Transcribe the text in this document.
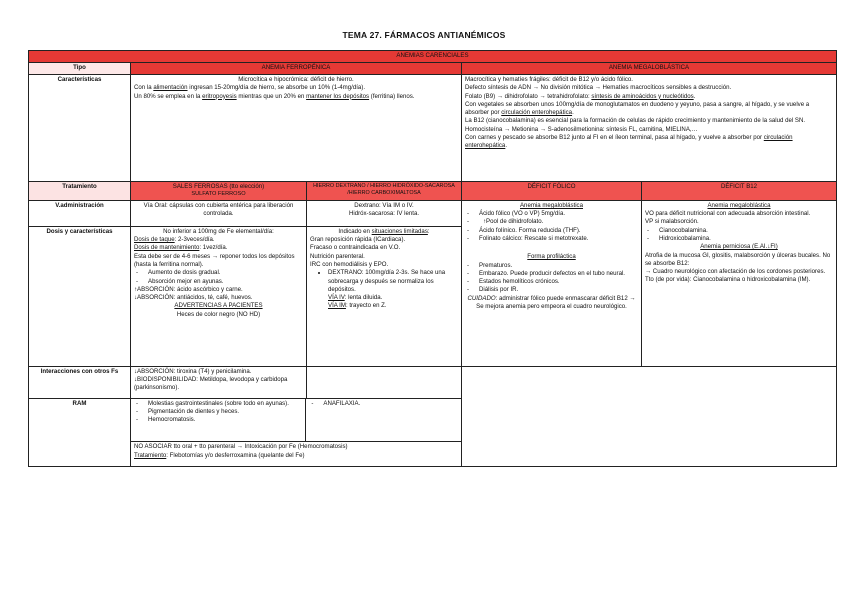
TEMA 27. FÁRMACOS ANTIANÉMICOS
ANEMIAS CARENCIALES
Tipo	ANEMIA FERROPÉNICA	ANEMIA MEGALOBLÁSTICA
Características	Microcítica e hipocrómica: déficit de hierro.

Con la alimentación ingresan 15-20mg/día de hierro, se absorbe un 10% (1-4mg/día).

Un 80% se emplea en la eritropoyesis mientras que un 20% en mantener los depósitos (ferritina) llenos.

Macrocítica y hematíes frágiles: déficit de B12 y/o ácido fólico.

Defecto síntesis de ADN → No división mitótica → Hematíes macrocíticos sensibles a destrucción.

Folato (B9) → dihidrofolato → tetrahidrofolato: síntesis de aminoácidos y nucleótidos.

Con vegetales se absorben unos 100mg/día de monoglutamatos en duodeno y yeyuno, pasa a sangre, al hígado, y se vuelve a absorber por circulación enterohepática.

La B12 (cianocobalamina) es esencial para la formación de celulas de rápido crecimiento y mantenimiento de la salud del SN. Homocisteína → Metionina → S-adenosilmetionina: síntesis FL, carnitina, MIELINA,…

Con carnes y pescado se absorbe B12 junto al FI en el íleon terminal, pasa al hígado, y vuelve a absorber por circulación enterohepática.

Tratamiento	SALES FERROSAS (tto elección)
SULFATO FERROSO
	HIERRO DEXTRANO / HIERRO HIDRÓXIDO-SACAROSA /HIERRO CARBOXIMALTOSA	DÉFICIT FÓLICO	DÉFICIT B12
V.administración	Vía Oral: cápsulas con cubierta entérica para liberación controlada.	

Dextrano: Vía IM o IV.

Hidróx-sacarosa: IV lenta.

Anemia megaloblástica

- Ácido fólico (VO o VP) 5mg/día.
- ↑Pool de dihidrofolato.
- Ácido folínico. Forma reducida (THF).
- Folinato cálcico: Rescate si metotrexate.

Forma profiláctica

- Prematuros.
- Embarazo. Puede producir defectos en el tubo neural.
- Estados hemolíticos crónicos.
- Diálisis por IR.

CUIDADO: administrar fólico puede enmascarar déficit B12 → Se mejora anemia pero empeora el cuadro neurológico.

Anemia megaloblástica

VO para déficit nutricional con adecuada absorción intestinal.

VP si malabsorción.

- Cianocobalamina.
- Hidroxicobalamina.

Anemia perniciosa (E.AI.↓FI)

Atrofia de la mucosa GI, glositis, malabsorción y úlceras bucales. No se absorbe B12:

→ Cuadro neurológico con afectación de los cordones posteriores.

Tto (de por vida): Cianocobalamina o hidroxicobalamina (IM).

Dosis y características	No inferior a 100mg de Fe elemental/día:

Dosis de taque: 2-3veces/día.

Dosis de mantenimiento: 1vez/día.

Esta debe ser de 4-6 meses → reponer todos los depósitos (hasta la ferritina normal).

- Aumento de dosis gradual.
- Absorción mejor en ayunas.

↑ABSORCIÓN: ácido ascórbico y carne.

↓ABSORCIÓN: antiácidos, té, café, huevos.

ADVERTENCIAS A PACIENTES

Heces de color negro (NO HD)

Indicado en situaciones limitadas:

Gran reposición rápida (ICardiaca).

Fracaso o contraindicada en V.O.

Nutrición parenteral.

IRC con hemodiálisis y EPO.

• DEXTRANO: 100mg/día 2-3s. Se hace una sobrecarga y después se normaliza los depósitos.

VÍA IV: lenta diluida.

VÍA IM: trayecto en Z.

Interacciones con otros Fs	↓ABSORCIÓN: tiroxina (T4) y penicilamina.

↓BIODISPONIBILIDAD: Metildopa, levodopa y carbidopa (parkinsonismo).

RAM	
-	Molestias gastrointestinales (sobre todo en ayunas).
- Pigmentación de dientes y heces.
- Hemocromatosis.

- ANAFILAXIA.

NO ASOCIAR tto oral + tto parenteral → Intoxicación por Fe (Hemocromatosis)

Tratamiento: Flebotomías y/o desferroxamina (quelante del Fe)
